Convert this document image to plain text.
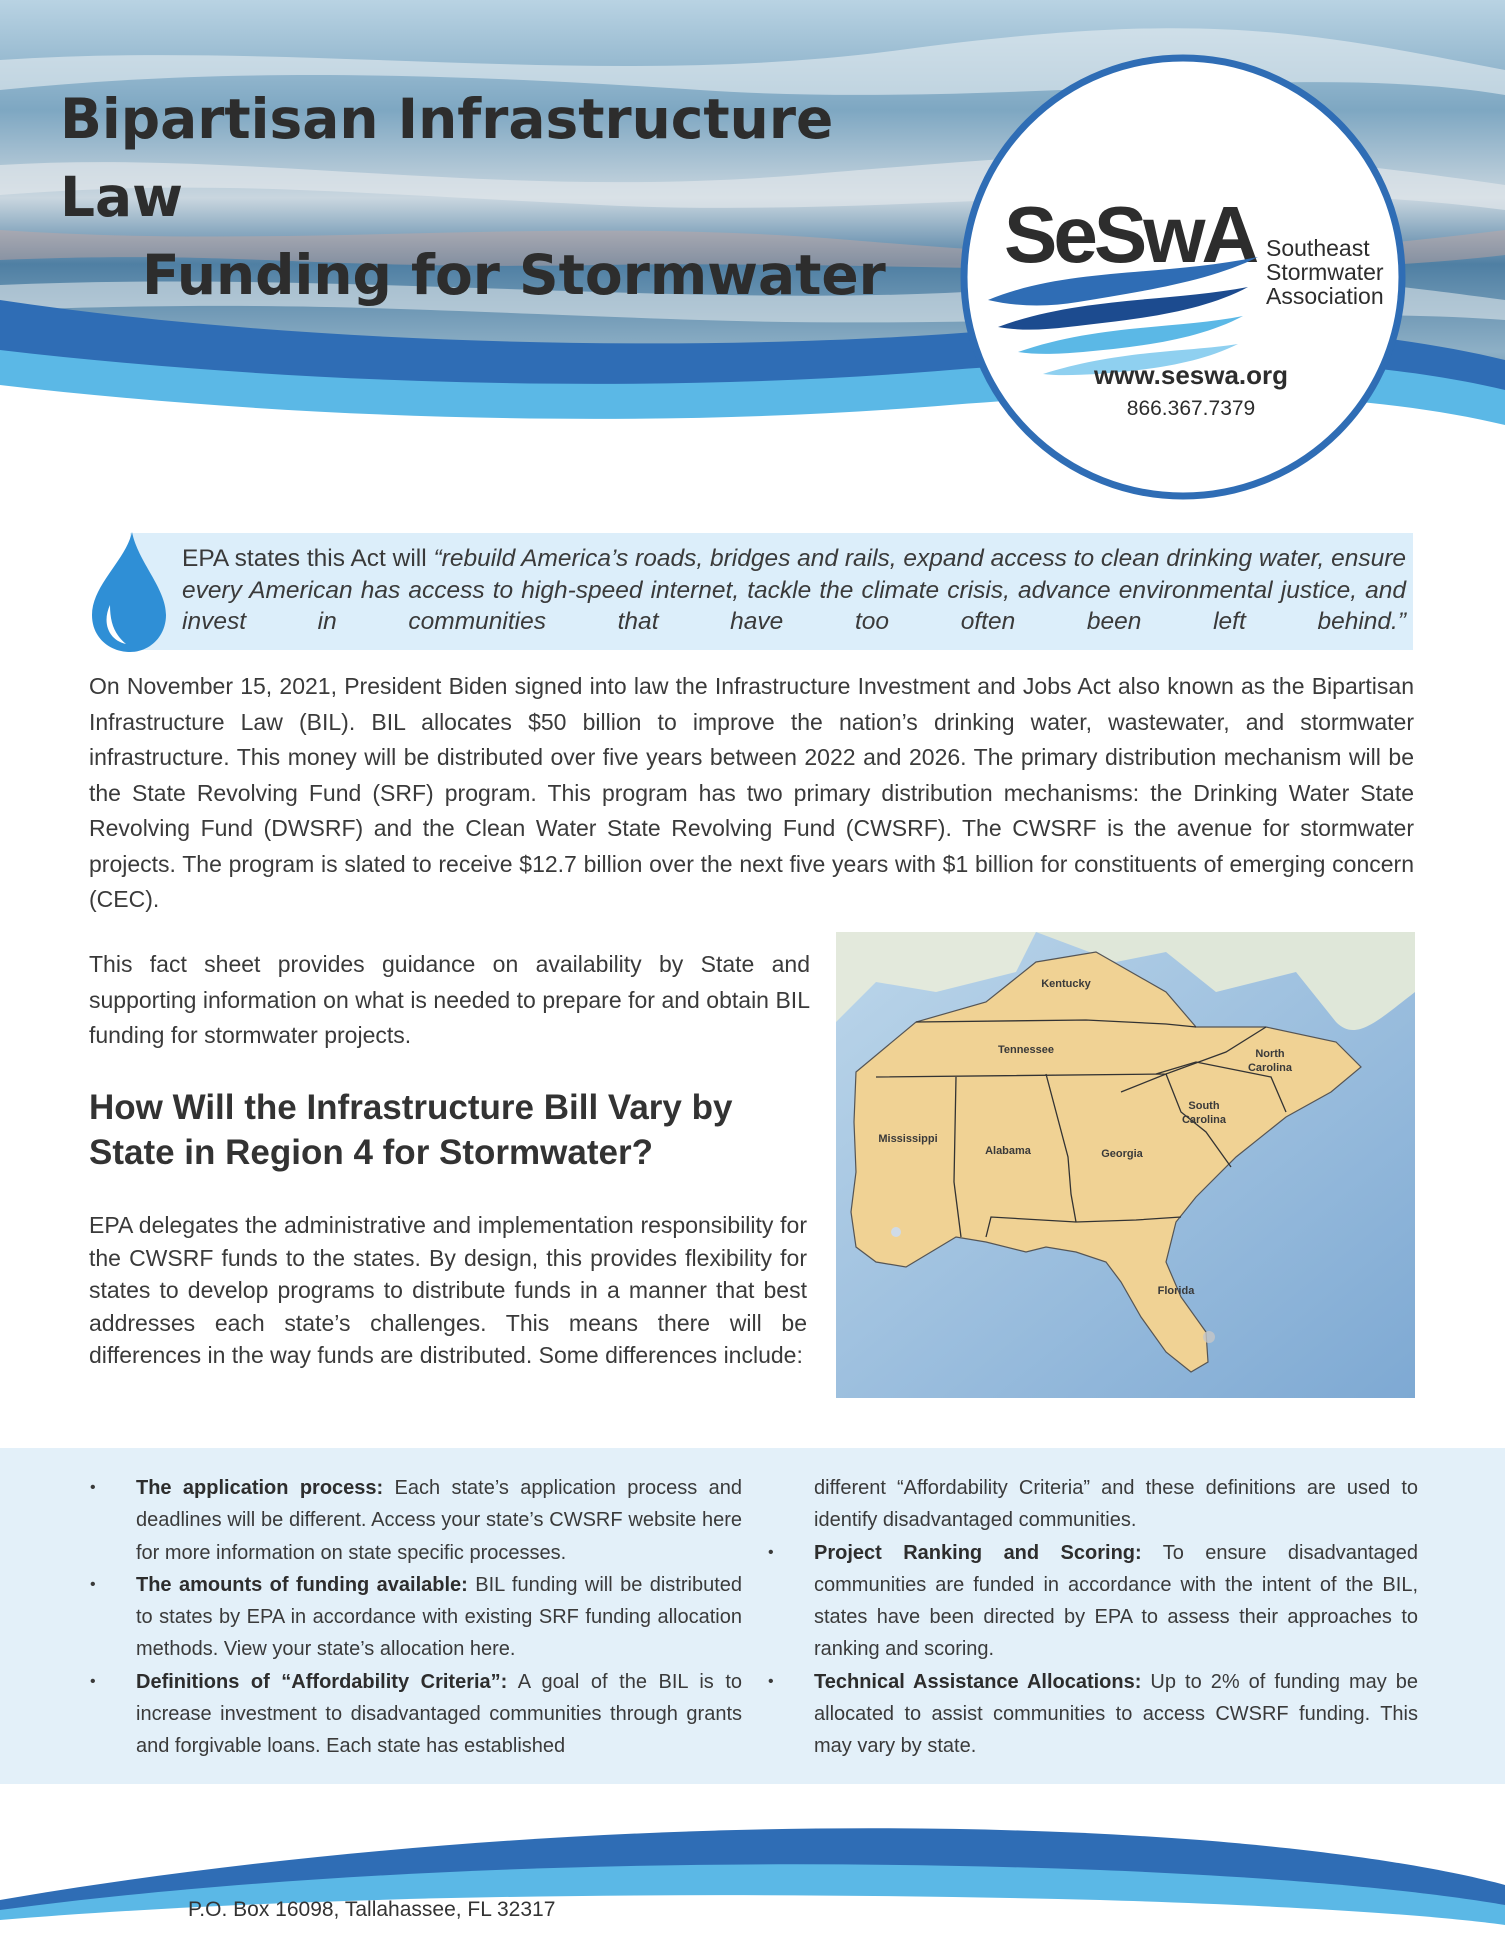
Bipartisan Infrastructure Law
Funding for Stormwater	SeSwA Southeast
Stormwater
Association
www.seswa.org
866.367.7379

EPA states this Act will “rebuild America’s roads, bridges and rails, expand access to clean drinking water, ensure every American has access to high-speed internet, tackle the climate crisis, advance environmental justice, and invest in communities that have too often been left behind.”

On November 15, 2021, President Biden signed into law the Infrastructure Investment and Jobs Act also known as the Bipartisan Infrastructure Law (BIL). BIL allocates $50 billion to improve the nation’s drinking water, wastewater, and stormwater infrastructure. This money will be distributed over five years between 2022 and 2026. The primary distribution mechanism will be the State Revolving Fund (SRF) program. This program has two primary distribution mechanisms: the Drinking Water State Revolving Fund (DWSRF) and the Clean Water State Revolving Fund (CWSRF). The CWSRF is the avenue for stormwater projects. The program is slated to receive $12.7 billion over the next five years with $1 billion for constituents of emerging concern (CEC).

This fact sheet provides guidance on availability by State and supporting information on what is needed to prepare for and obtain BIL funding for stormwater projects.

How Will the Infrastructure Bill Vary by State in Region 4 for Stormwater?

EPA delegates the administrative and implementation responsibility for the CWSRF funds to the states. By design, this provides flexibility for states to develop programs to distribute funds in a manner that best addresses each state’s challenges. This means there will be differences in the way funds are distributed. Some differences include:

Kentucky
Tennessee	North
Carolina
South
Carolina
Mississippi
Alabama	Georgia
Florida
• The application process: Each state’s application process and deadlines will be different. Access your state’s CWSRF website here for more information on state specific processes.
• The amounts of funding available: BIL funding will be distributed to states by EPA in accordance with existing SRF funding allocation methods. View your state’s allocation here.
• Definitions of “Affordability Criteria”: A goal of the BIL is to increase investment to disadvantaged communities through grants and forgivable loans. Each state has established
different “Affordability Criteria” and these definitions are used to identify disadvantaged communities.
• Project Ranking and Scoring: To ensure disadvantaged communities are funded in accordance with the intent of the BIL, states have been directed by EPA to assess their approaches to ranking and scoring.
• Technical Assistance Allocations: Up to 2% of funding may be allocated to assist communities to access CWSRF funding. This may vary by state.

P.O. Box 16098, Tallahassee, FL 32317
